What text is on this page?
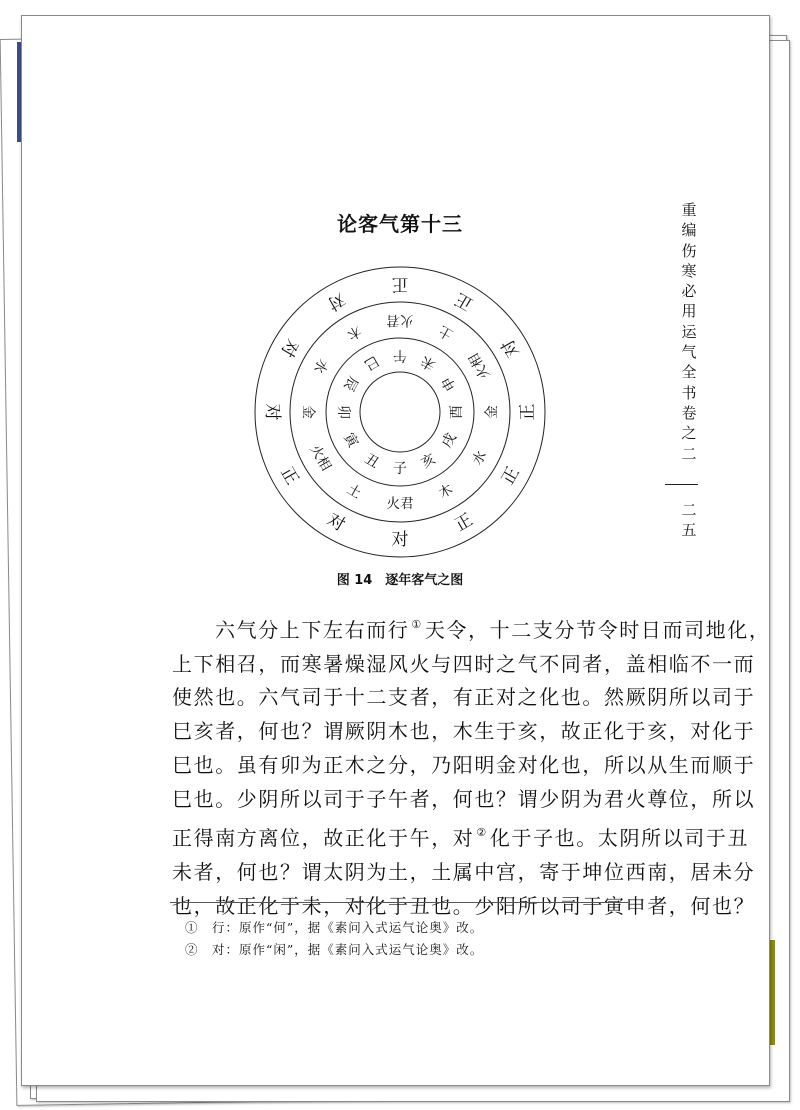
论客气第十三
正
正
对
正
正
正
对
对
正
对
对
对
火君
土
火相
金
水
木
火君
土
火相
金
水
木
午 未
申
酉
戌
亥
子
丑
寅
卯
辰
巳
图 14　逐年客气之图
六气分上下左右而行 ① 天令，十二支分节令时日而司地化，
上下相召，而寒暑燥湿风火与四时之气不同者，盖相临不一而
使然也。六气司于十二支者，有正对之化也。然厥阴所以司于
巳亥者，何也？谓厥阴木也，木生于亥，故正化于亥，对化于
巳也。虽有卯为正木之分，乃阳明金对化也，所以从生而顺于
巳也。少阴所以司于子午者，何也？谓少阴为君火尊位，所以
正得南方离位，故正化于午，对 ② 化于子也。太阴所以司于丑
未者，何也？谓太阴为土，土属中宫，寄于坤位西南，居未分
也，故正化于未，对化于丑也。少阳所以司于寅申者，何也？
①　行：原作“何”，据《素问入式运气论奥》改。
②　对：原作“闲”，据《素问入式运气论奥》改。
重
编
伤
寒
必
用
运
气
全
书
卷
之
二
二
五
